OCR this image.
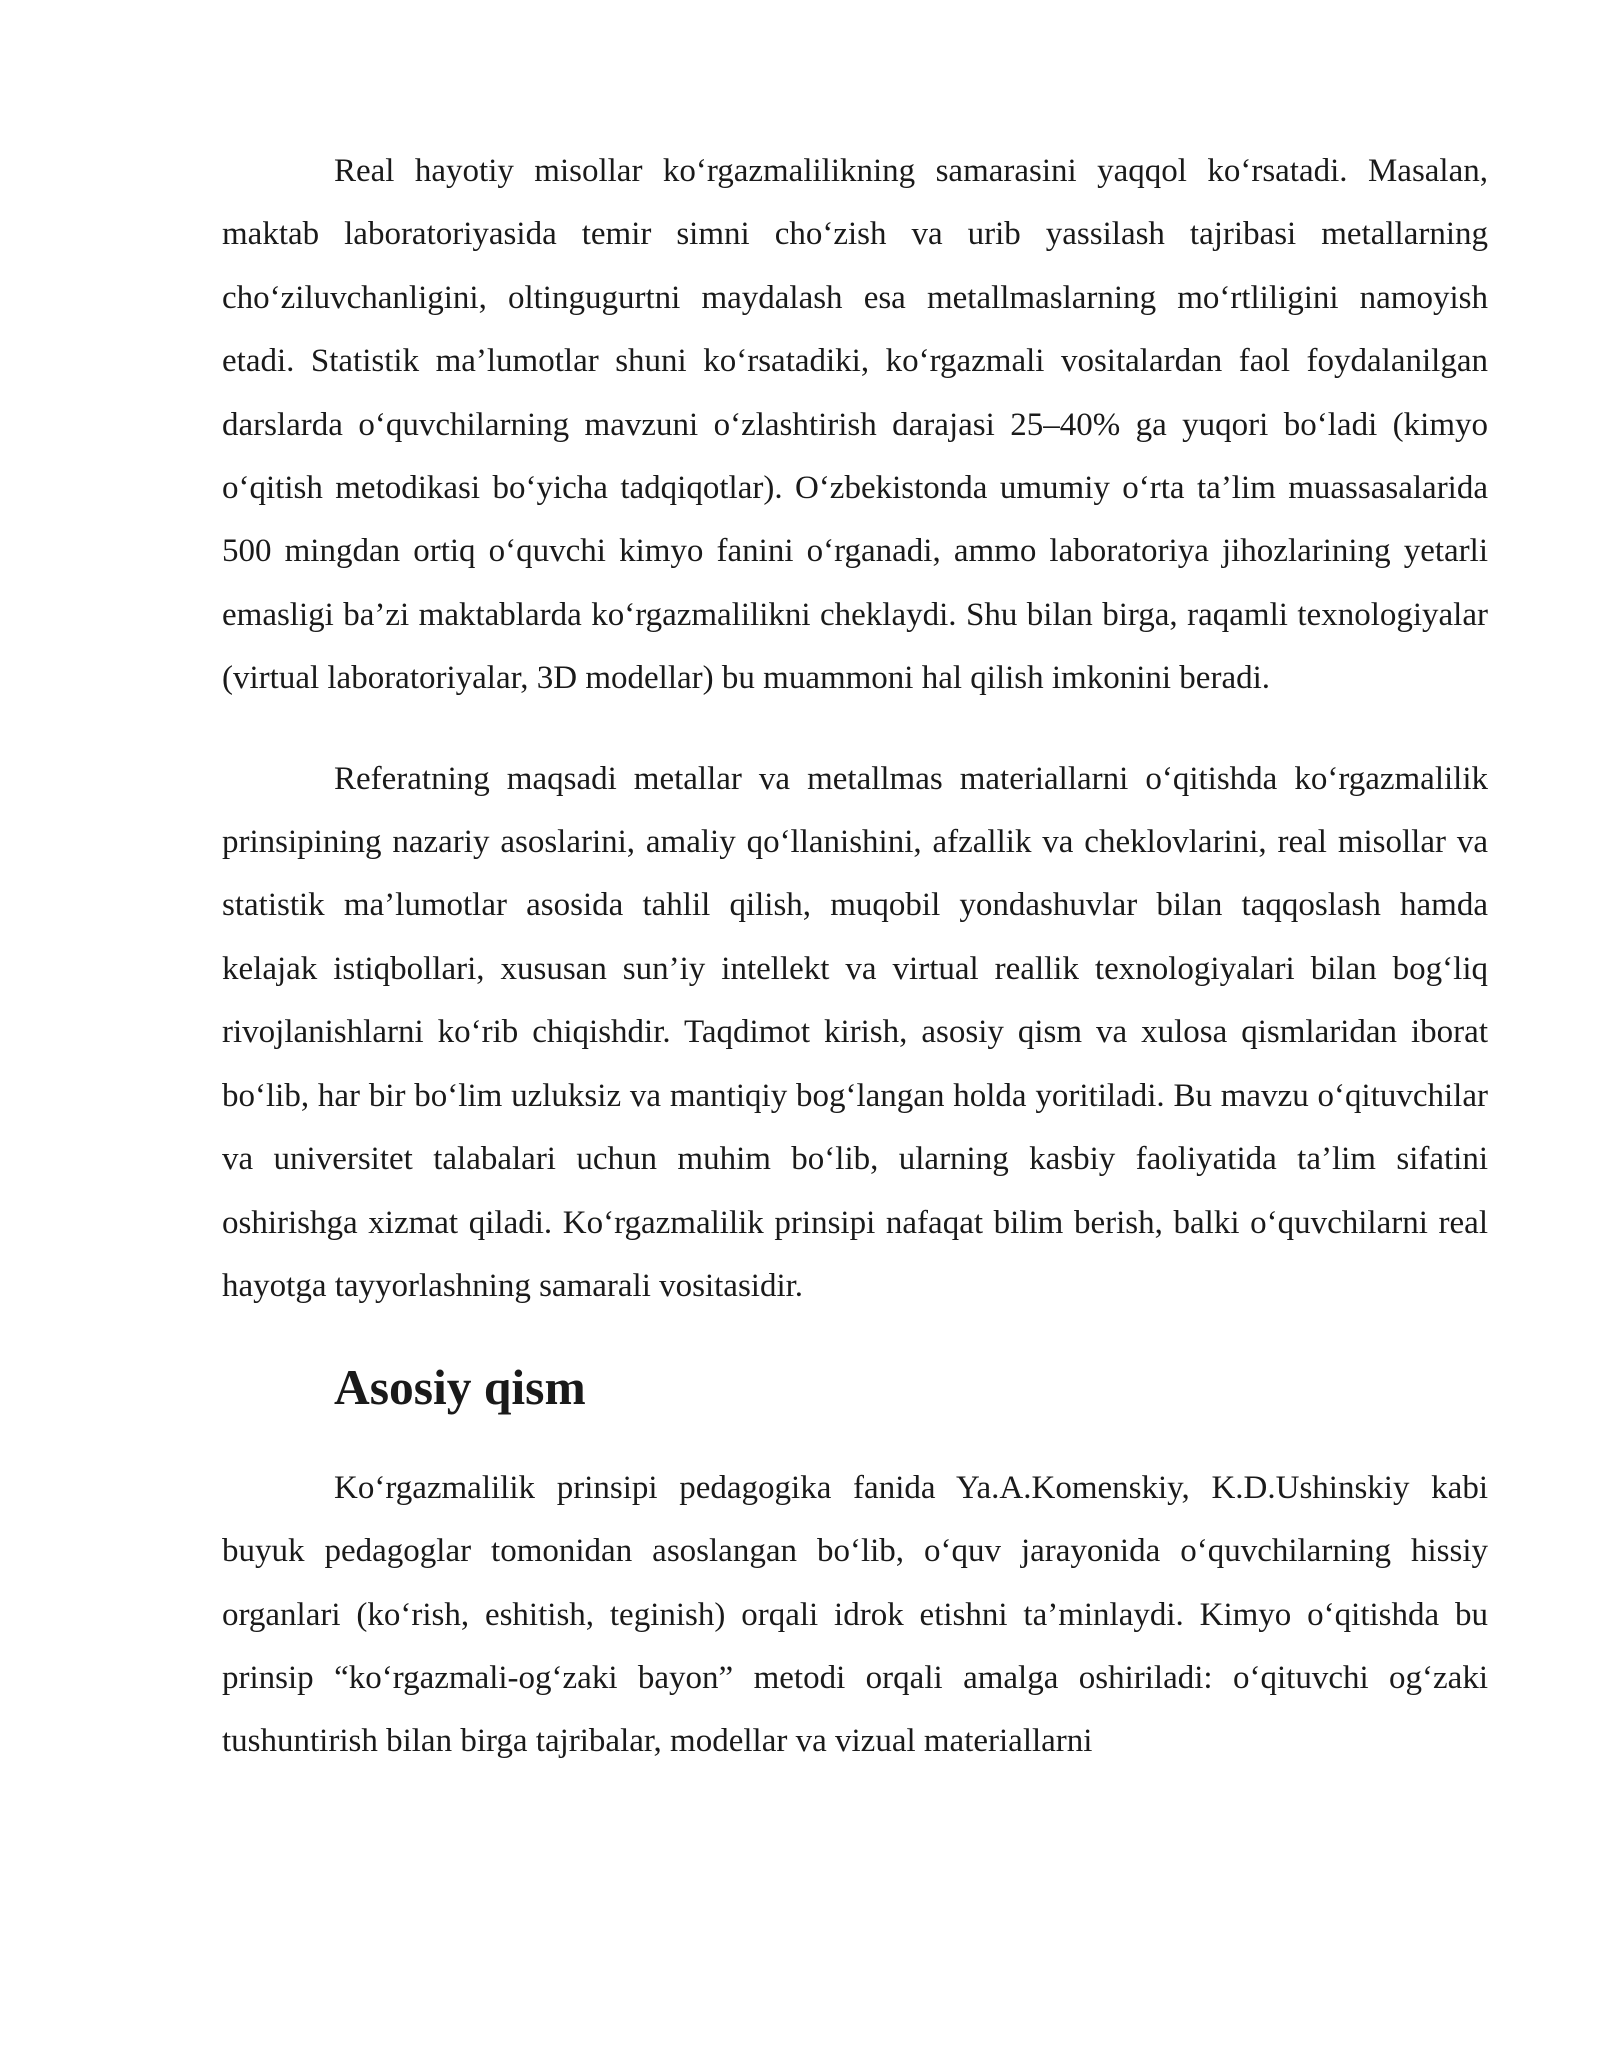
Real hayotiy misollar ko‘rgazmalilikning samarasini yaqqol ko‘rsatadi. Masalan, maktab laboratoriyasida temir simni cho‘zish va urib yassilash tajribasi metallarning cho‘ziluvchanligini, oltingugurtni maydalash esa metallmaslarning mo‘rtliligini namoyish etadi. Statistik ma’lumotlar shuni ko‘rsatadiki, ko‘rgazmali vositalardan faol foydalanilgan darslarda o‘quvchilarning mavzuni o‘zlashtirish darajasi 25–40% ga yuqori bo‘ladi (kimyo o‘qitish metodikasi bo‘yicha tadqiqotlar). O‘zbekistonda umumiy o‘rta ta’lim muassasalarida 500 mingdan ortiq o‘quvchi kimyo fanini o‘rganadi, ammo laboratoriya jihozlarining yetarli emasligi ba’zi maktablarda ko‘rgazmalilikni cheklaydi. Shu bilan birga, raqamli texnologiyalar (virtual laboratoriyalar, 3D modellar) bu muammoni hal qilish imkonini beradi.

Referatning maqsadi metallar va metallmas materiallarni o‘qitishda ko‘rgazmalilik prinsipining nazariy asoslarini, amaliy qo‘llanishini, afzallik va cheklovlarini, real misollar va statistik ma’lumotlar asosida tahlil qilish, muqobil yondashuvlar bilan taqqoslash hamda kelajak istiqbollari, xususan sun’iy intellekt va virtual reallik texnologiyalari bilan bog‘liq rivojlanishlarni ko‘rib chiqishdir. Taqdimot kirish, asosiy qism va xulosa qismlaridan iborat bo‘lib, har bir bo‘lim uzluksiz va mantiqiy bog‘langan holda yoritiladi. Bu mavzu o‘qituvchilar va universitet talabalari uchun muhim bo‘lib, ularning kasbiy faoliyatida ta’lim sifatini oshirishga xizmat qiladi. Ko‘rgazmalilik prinsipi nafaqat bilim berish, balki o‘quvchilarni real hayotga tayyorlashning samarali vositasidir.

Asosiy qism

Ko‘rgazmalilik prinsipi pedagogika fanida Ya.A.Komenskiy, K.D.Ushinskiy kabi buyuk pedagoglar tomonidan asoslangan bo‘lib, o‘quv jarayonida o‘quvchilarning hissiy organlari (ko‘rish, eshitish, teginish) orqali idrok etishni ta’minlaydi. Kimyo o‘qitishda bu prinsip “ko‘rgazmali-og‘zaki bayon” metodi orqali amalga oshiriladi: o‘qituvchi og‘zaki tushuntirish bilan birga tajribalar, modellar va vizual materiallarni
